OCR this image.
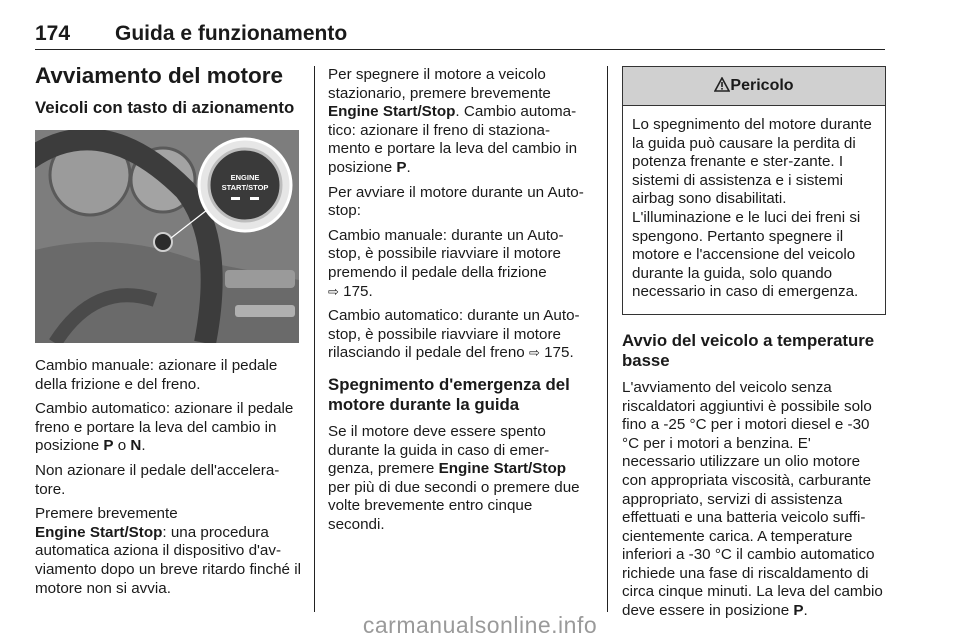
174 Guida e funzionamento
Avviamento del motore
Veicoli con tasto di azionamento
ENGINE
START/STOP

Cambio manuale: azionare il pedale della frizione e del freno.

Cambio automatico: azionare il pedale freno e portare la leva del cambio in posizione P o N.

Non azionare il pedale dell'accelera-tore.

Premere brevemente
Engine Start/Stop: una procedura automatica aziona il dispositivo d'av-viamento dopo un breve ritardo finché il motore non si avvia.

Per spegnere il motore a veicolo stazionario, premere brevemente
Engine Start/Stop. Cambio automa-tico: azionare il freno di staziona-mento e portare la leva del cambio in posizione P.

Per avviare il motore durante un Auto-stop:

Cambio manuale: durante un Auto-stop, è possibile riavviare il motore premendo il pedale della frizione
⇨ 175.

Cambio automatico: durante un Auto-stop, è possibile riavviare il motore rilasciando il pedale del freno ⇨ 175.

Spegnimento d'emergenza del motore durante la guida

Se il motore deve essere spento durante la guida in caso di emer-genza, premere Engine Start/Stop per più di due secondi o premere due volte brevemente entro cinque secondi.

Pericolo

Lo spegnimento del motore durante la guida può causare la perdita di potenza frenante e ster-zante. I sistemi di assistenza e i sistemi airbag sono disabilitati.

L'illuminazione e le luci dei freni si spengono. Pertanto spegnere il motore e l'accensione del veicolo durante la guida, solo quando necessario in caso di emergenza.

Avvio del veicolo a temperature basse

L'avviamento del veicolo senza riscaldatori aggiuntivi è possibile solo fino a -25 °C per i motori diesel e -30 °C per i motori a benzina. E' necessario utilizzare un olio motore con appropriata viscosità, carburante appropriato, servizi di assistenza effettuati e una batteria veicolo suffi-cientemente carica. A temperature inferiori a -30 °C il cambio automatico richiede una fase di riscaldamento di circa cinque minuti. La leva del cambio deve essere in posizione P.

carmanualsonline.info
